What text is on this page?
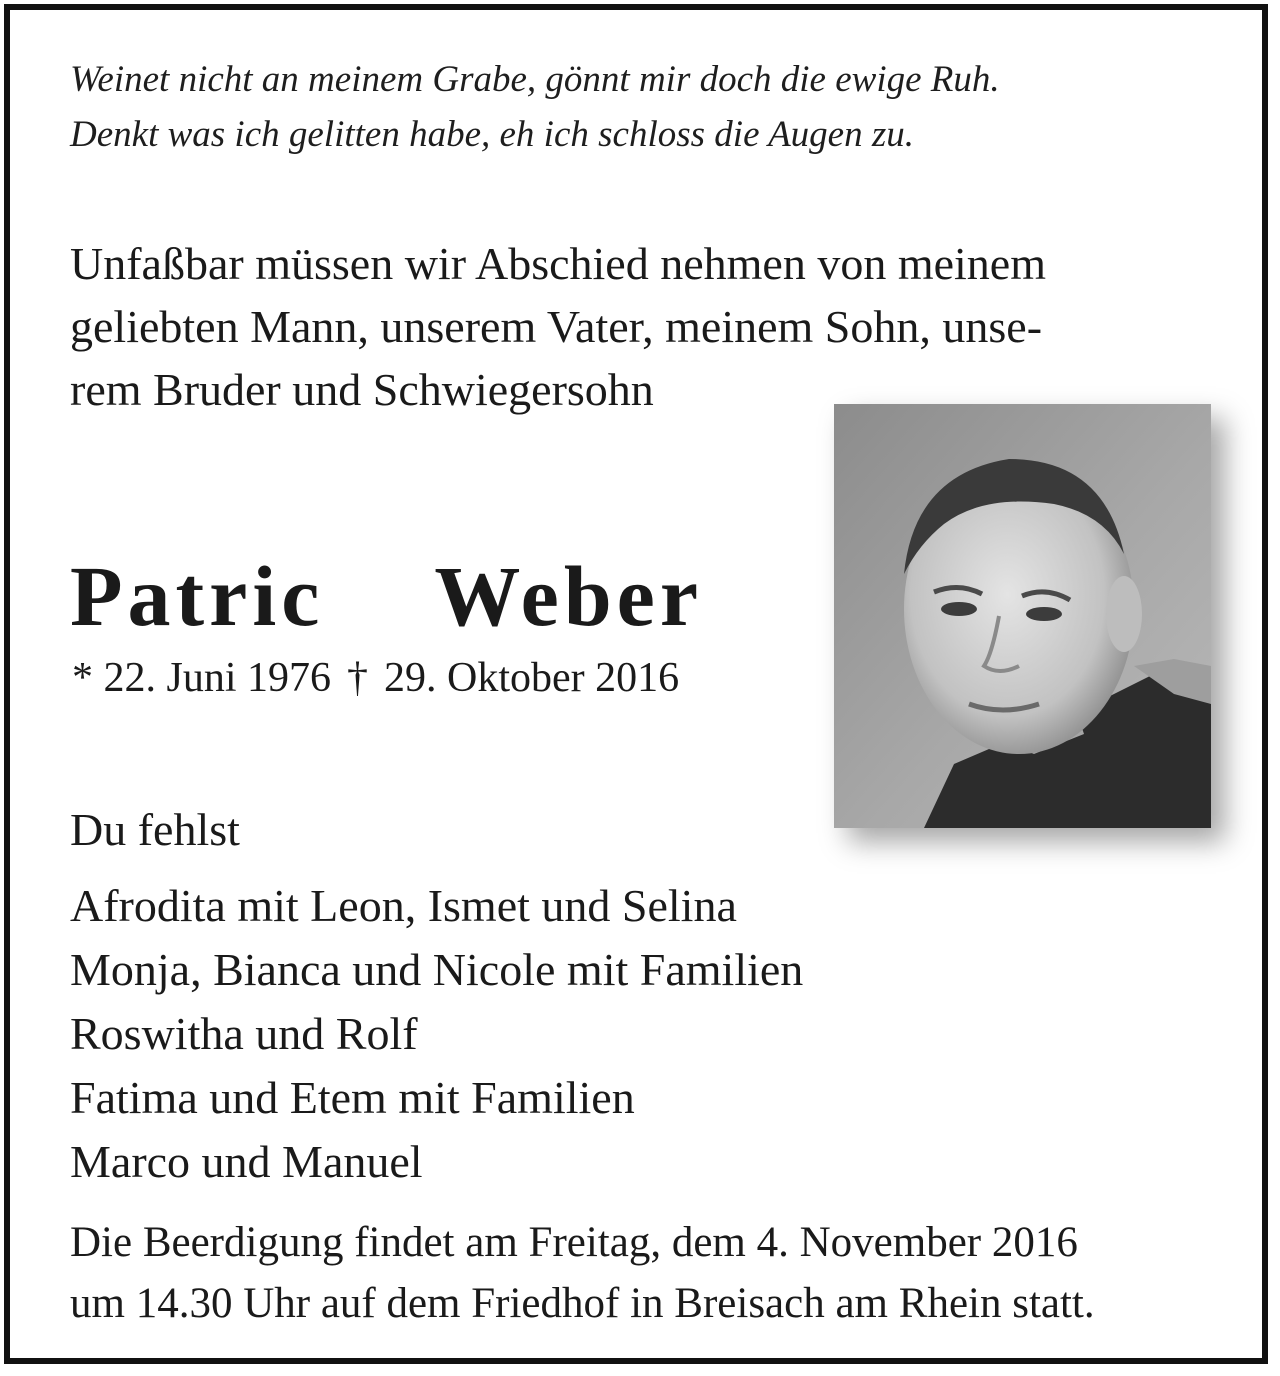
Weinet nicht an meinem Grabe, gönnt mir doch die ewige Ruh.
Denkt was ich gelitten habe, eh ich schloss die Augen zu.
Unfaßbar müssen wir Abschied nehmen von meinem
geliebten Mann, unserem Vater, meinem Sohn, unse-
rem Bruder und Schwiegersohn
Patric Weber
* 22. Juni 1976 † 29. Oktober 2016
Du fehlst
Afrodita mit Leon, Ismet und Selina
Monja, Bianca und Nicole mit Familien
Roswitha und Rolf
Fatima und Etem mit Familien
Marco und Manuel
Die Beerdigung findet am Freitag, dem 4. November 2016
um 14.30 Uhr auf dem Friedhof in Breisach am Rhein statt.
